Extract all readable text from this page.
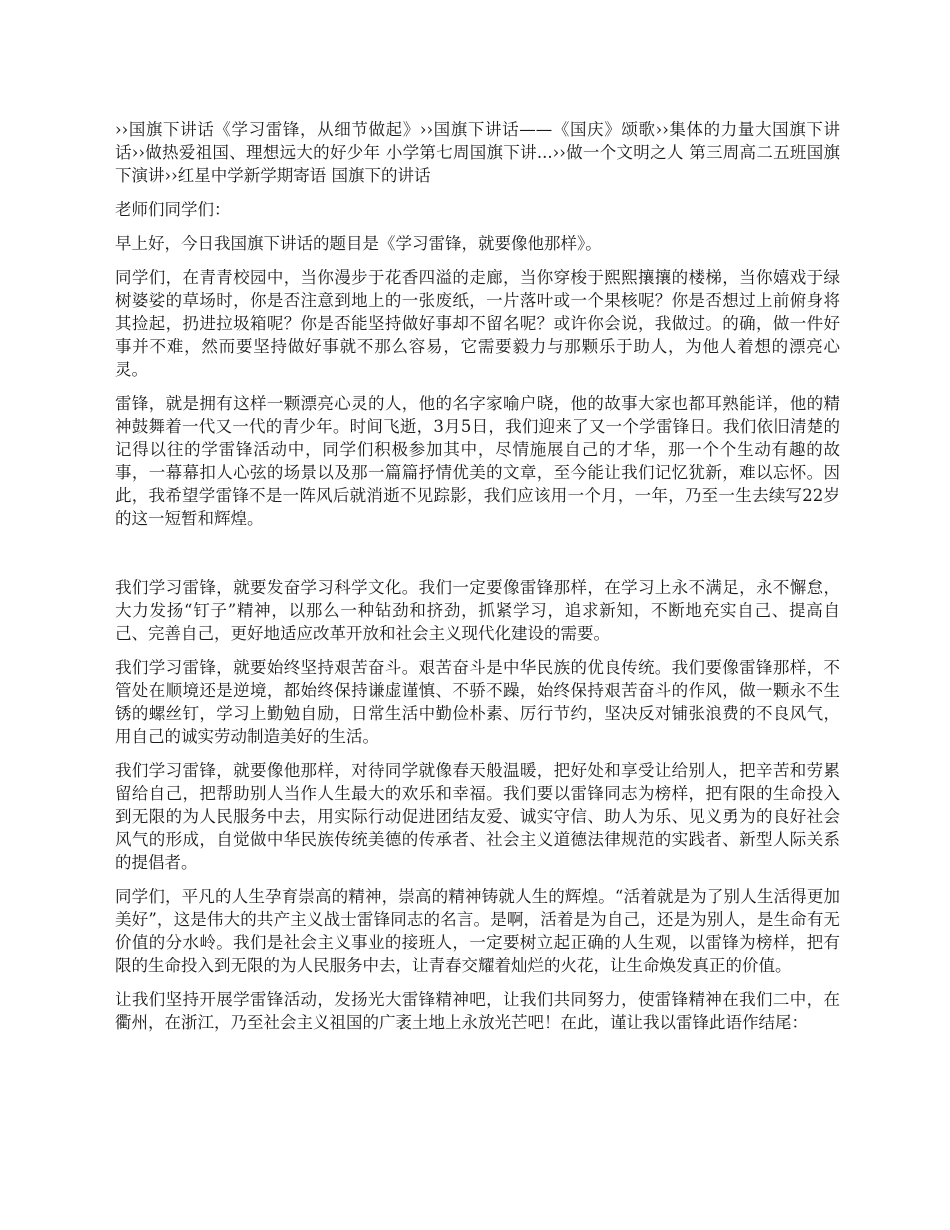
››国旗下讲话《学习雷锋，从细节做起》››国旗下讲话——《国庆》颂歌››集体的力量大国旗下讲话››做热爱祖国、理想远大的好少年 小学第七周国旗下讲...››做一个文明之人 第三周高二五班国旗下演讲››红星中学新学期寄语 国旗下的讲话

老师们同学们：

早上好，今日我国旗下讲话的题目是《学习雷锋，就要像他那样》。

同学们，在青青校园中，当你漫步于花香四溢的走廊，当你穿梭于熙熙攘攘的楼梯，当你嬉戏于绿树婆娑的草场时，你是否注意到地上的一张废纸，一片落叶或一个果核呢？你是否想过上前俯身将其捡起，扔进拉圾箱呢？你是否能坚持做好事却不留名呢？或许你会说，我做过。的确，做一件好事并不难，然而要坚持做好事就不那么容易，它需要毅力与那颗乐于助人，为他人着想的漂亮心灵。

雷锋，就是拥有这样一颗漂亮心灵的人，他的名字家喻户晓，他的故事大家也都耳熟能详，他的精神鼓舞着一代又一代的青少年。时间飞逝，3月5日，我们迎来了又一个学雷锋日。我们依旧清楚的记得以往的学雷锋活动中，同学们积极参加其中，尽情施展自己的才华，那一个个生动有趣的故事，一幕幕扣人心弦的场景以及那一篇篇抒情优美的文章，至今能让我们记忆犹新，难以忘怀。因此，我希望学雷锋不是一阵风后就消逝不见踪影，我们应该用一个月，一年，乃至一生去续写22岁的这一短暂和辉煌。

我们学习雷锋，就要发奋学习科学文化。我们一定要像雷锋那样，在学习上永不满足，永不懈怠，大力发扬“钉子”精神，以那么一种钻劲和挤劲，抓紧学习，追求新知，不断地充实自己、提高自己、完善自己，更好地适应改革开放和社会主义现代化建设的需要。

我们学习雷锋，就要始终坚持艰苦奋斗。艰苦奋斗是中华民族的优良传统。我们要像雷锋那样，不管处在顺境还是逆境，都始终保持谦虚谨慎、不骄不躁，始终保持艰苦奋斗的作风，做一颗永不生锈的螺丝钉，学习上勤勉自励，日常生活中勤俭朴素、厉行节约，坚决反对铺张浪费的不良风气，用自己的诚实劳动制造美好的生活。

我们学习雷锋，就要像他那样，对待同学就像春天般温暖，把好处和享受让给别人，把辛苦和劳累留给自己，把帮助别人当作人生最大的欢乐和幸福。我们要以雷锋同志为榜样，把有限的生命投入到无限的为人民服务中去，用实际行动促进团结友爱、诚实守信、助人为乐、见义勇为的良好社会风气的形成，自觉做中华民族传统美德的传承者、社会主义道德法律规范的实践者、新型人际关系的提倡者。

同学们，平凡的人生孕育崇高的精神，崇高的精神铸就人生的辉煌。“活着就是为了别人生活得更加美好”，这是伟大的共产主义战士雷锋同志的名言。是啊，活着是为自己，还是为别人，是生命有无价值的分水岭。我们是社会主义事业的接班人，一定要树立起正确的人生观，以雷锋为榜样，把有限的生命投入到无限的为人民服务中去，让青春交耀着灿烂的火花，让生命焕发真正的价值。

让我们坚持开展学雷锋活动，发扬光大雷锋精神吧，让我们共同努力，使雷锋精神在我们二中，在衢州，在浙江，乃至社会主义祖国的广袤土地上永放光芒吧！在此，谨让我以雷锋此语作结尾：
